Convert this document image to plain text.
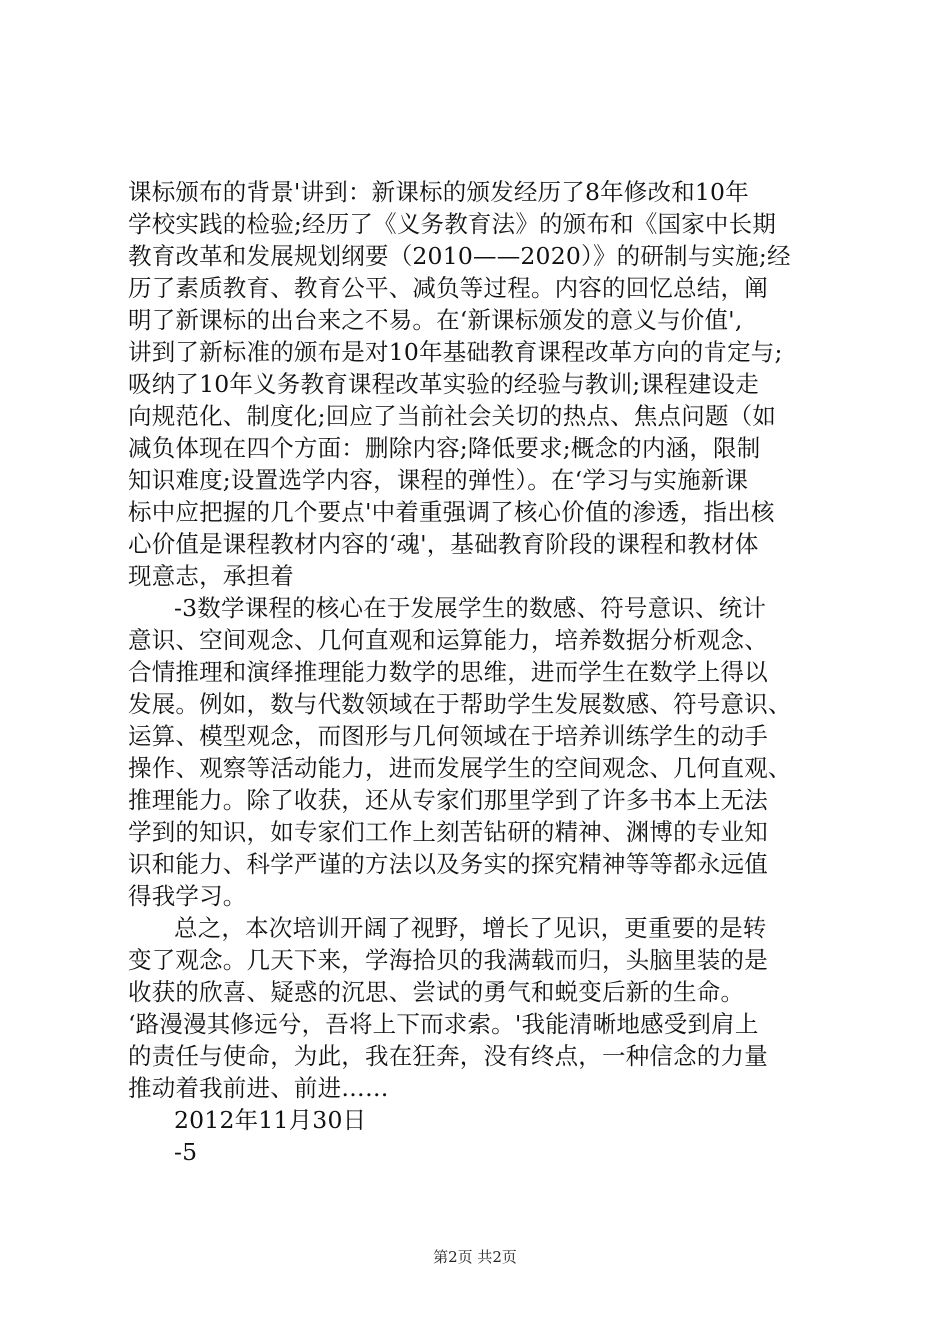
课标颁布的背景'讲到：新课标的颁发经历了8年修改和10年
学校实践的检验;经历了《义务教育法》的颁布和《国家中长期
教育改革和发展规划纲要（2010——2020）》的研制与实施;经
历了素质教育、教育公平、减负等过程。内容的回忆总结，阐
明了新课标的出台来之不易。在‘新课标颁发的意义与价值',
讲到了新标准的颁布是对10年基础教育课程改革方向的肯定与;
吸纳了10年义务教育课程改革实验的经验与教训;课程建设走
向规范化、制度化;回应了当前社会关切的热点、焦点问题（如
减负体现在四个方面：删除内容;降低要求;概念的内涵，限制
知识难度;设置选学内容，课程的弹性）。在‘学习与实施新课
标中应把握的几个要点'中着重强调了核心价值的渗透，指出核
心价值是课程教材内容的‘魂'，基础教育阶段的课程和教材体
现意志，承担着
-3数学课程的核心在于发展学生的数感、符号意识、统计
意识、空间观念、几何直观和运算能力，培养数据分析观念、
合情推理和演绎推理能力数学的思维，进而学生在数学上得以
发展。例如，数与代数领域在于帮助学生发展数感、符号意识、
运算、模型观念，而图形与几何领域在于培养训练学生的动手
操作、观察等活动能力，进而发展学生的空间观念、几何直观、
推理能力。除了收获，还从专家们那里学到了许多书本上无法
学到的知识，如专家们工作上刻苦钻研的精神、渊博的专业知
识和能力、科学严谨的方法以及务实的探究精神等等都永远值
得我学习。
总之，本次培训开阔了视野，增长了见识，更重要的是转
变了观念。几天下来，学海拾贝的我满载而归，头脑里装的是
收获的欣喜、疑惑的沉思、尝试的勇气和蜕变后新的生命。
‘路漫漫其修远兮，吾将上下而求索。'我能清晰地感受到肩上
的责任与使命，为此，我在狂奔，没有终点，一种信念的力量
推动着我前进、前进……
2012年11月30日
-5
第2页 共2页
